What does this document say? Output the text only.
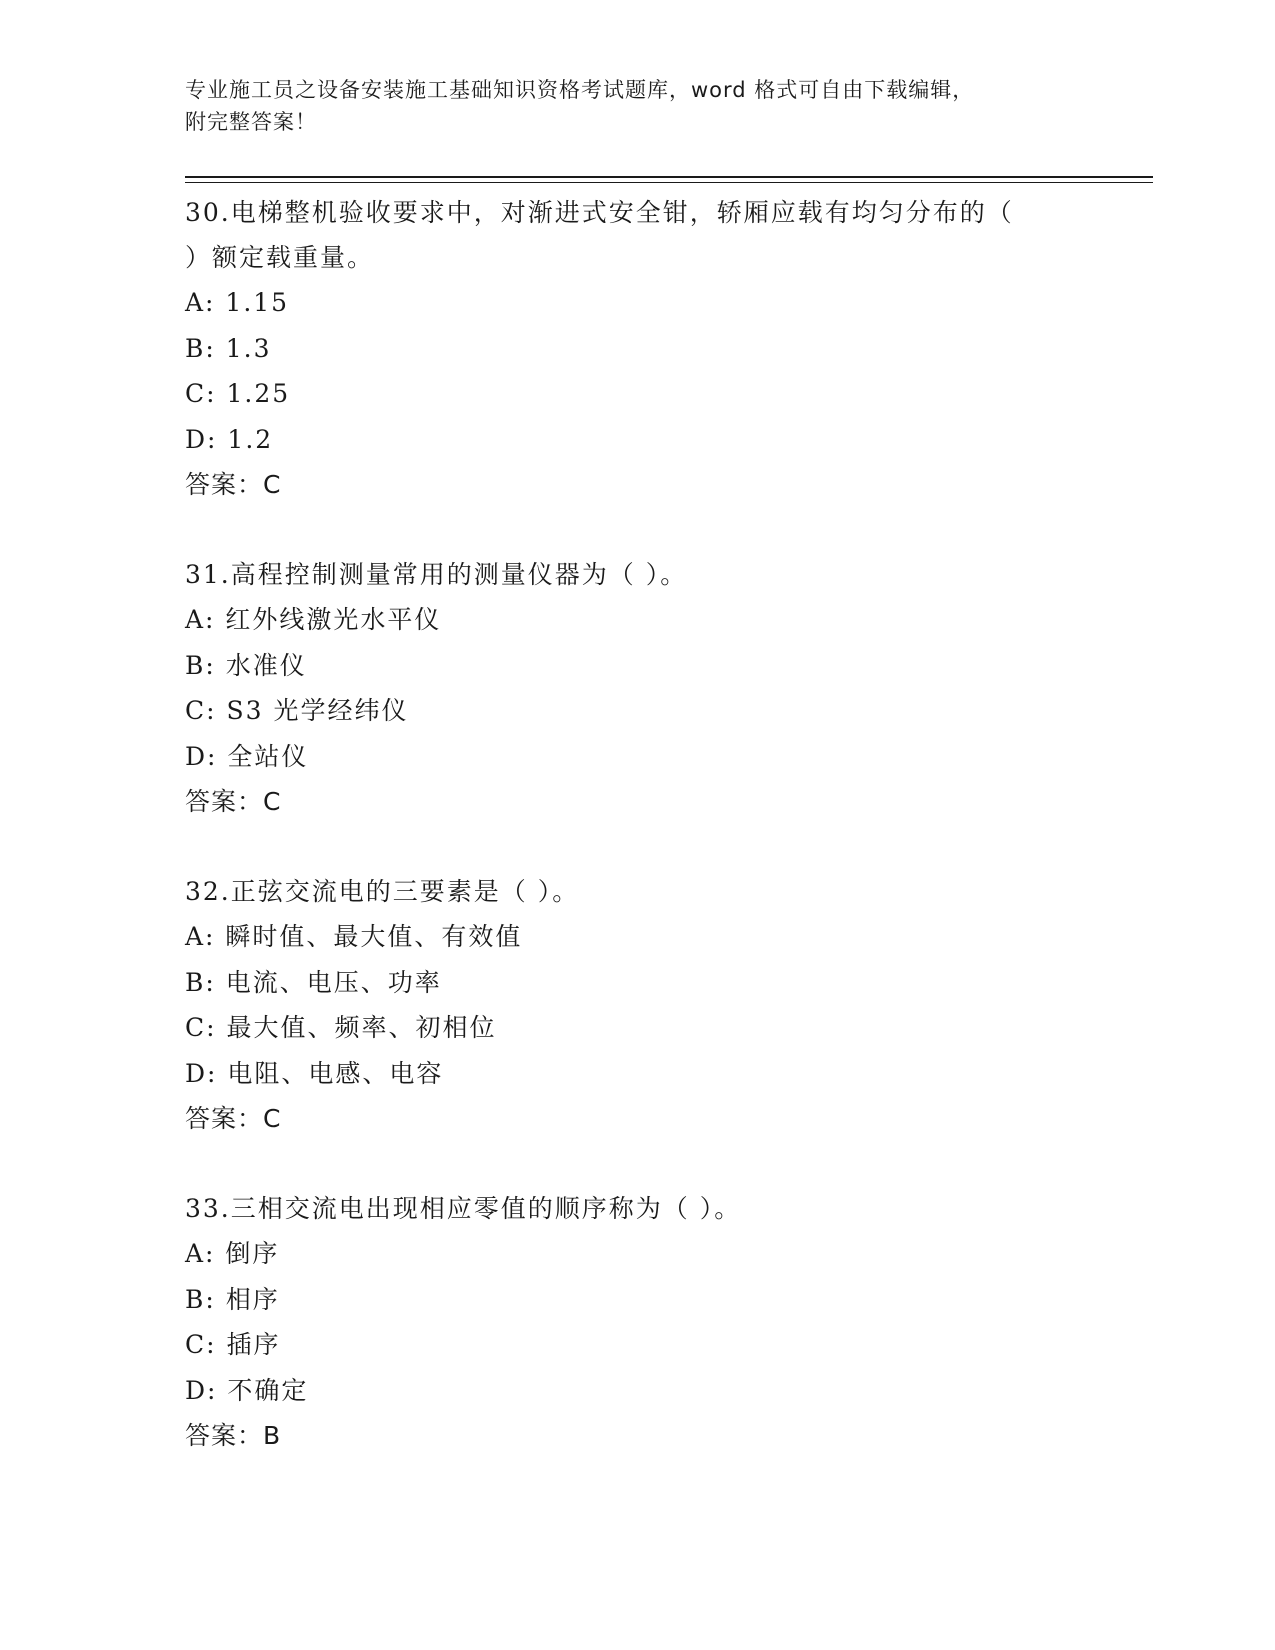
专业施工员之设备安装施工基础知识资格考试题库，word 格式可自由下载编辑，
附完整答案！
30.电梯整机验收要求中，对渐进式安全钳，轿厢应载有均匀分布的（
）额定载重量。
A: 1.15
B: 1.3
C: 1.25
D: 1.2
答案：C
31.高程控制测量常用的测量仪器为（ ）。
A: 红外线激光水平仪
B: 水准仪
C: S3 光学经纬仪
D: 全站仪
答案：C
32.正弦交流电的三要素是（ ）。
A: 瞬时值、最大值、有效值
B: 电流、电压、功率
C: 最大值、频率、初相位
D: 电阻、电感、电容
答案：C
33.三相交流电出现相应零值的顺序称为（ ）。
A: 倒序
B: 相序
C: 插序
D: 不确定
答案：B
